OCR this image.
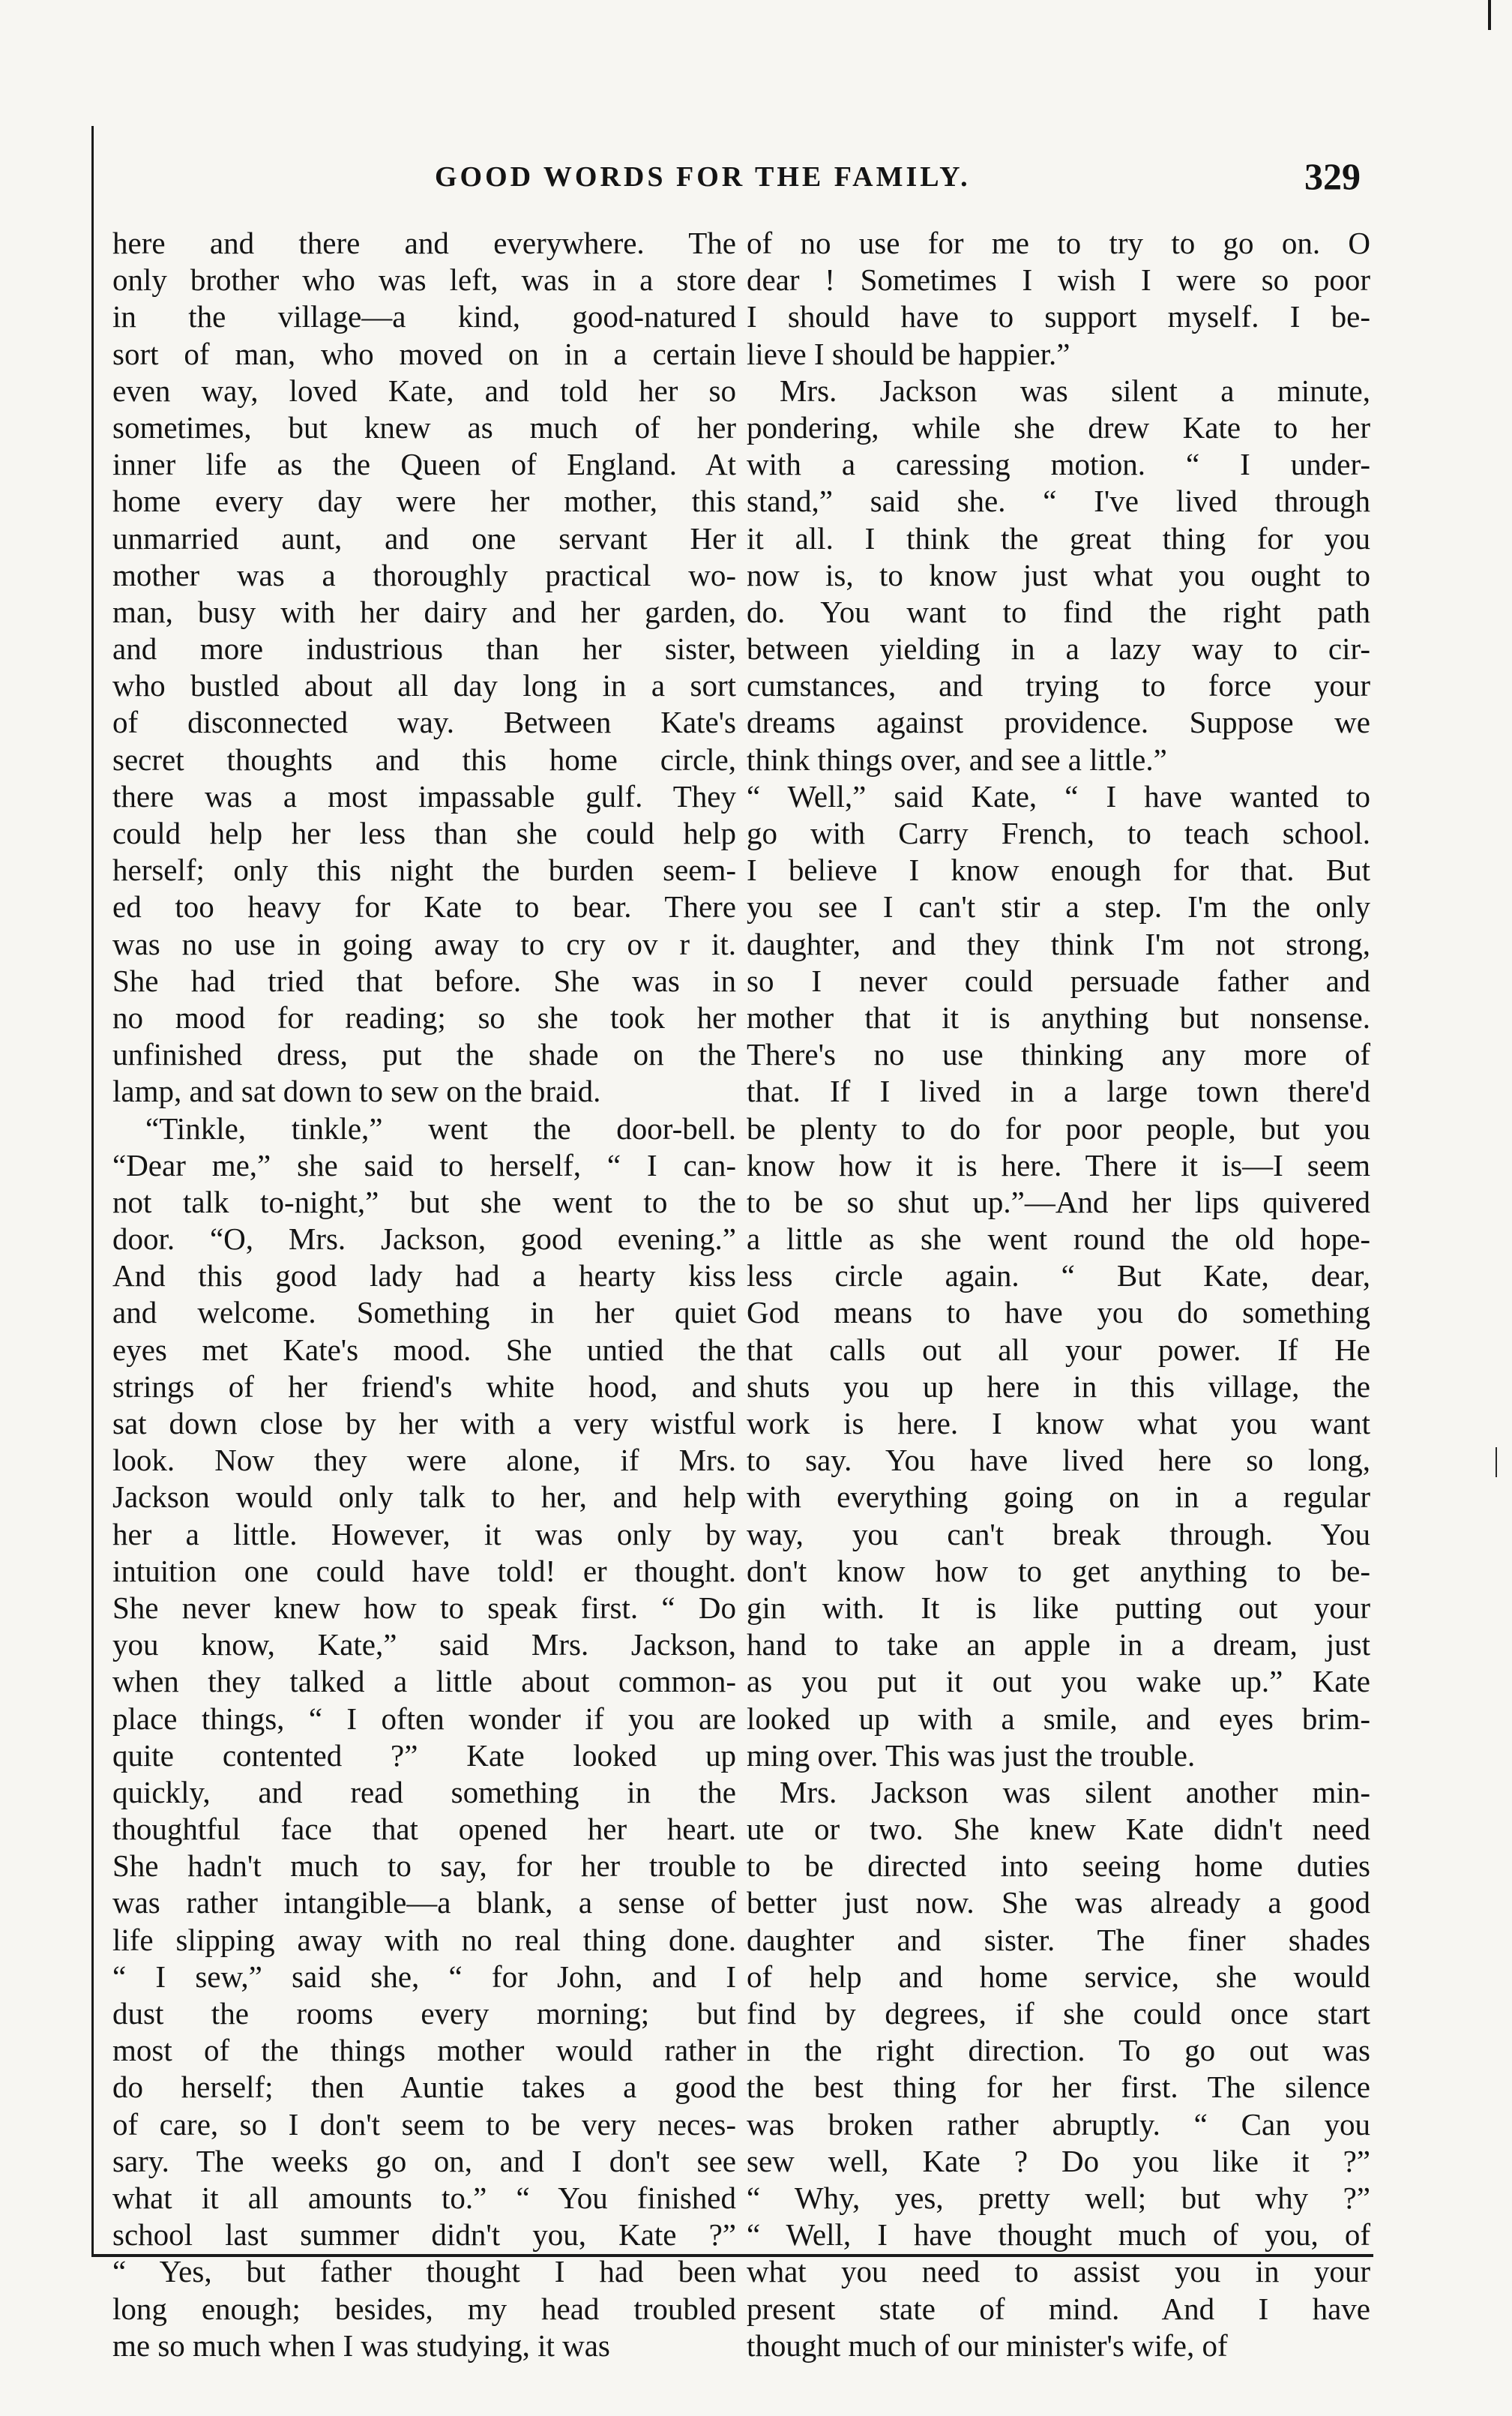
GOOD WORDS FOR THE FAMILY.	329
here and there and everywhere. The
only brother who was left, was in a store
in the village—a kind, good-natured
sort of man, who moved on in a certain
even way, loved Kate, and told her so
sometimes, but knew as much of her
inner life as the Queen of England. At
home every day were her mother, this
unmarried aunt, and one servant Her
mother was a thoroughly practical wo-
man, busy with her dairy and her garden,
and more industrious than her sister,
who bustled about all day long in a sort
of disconnected way. Between Kate's
secret thoughts and this home circle,
there was a most impassable gulf. They
could help her less than she could help
herself; only this night the burden seem-
ed too heavy for Kate to bear. There
was no use in going away to cry ov r it.
She had tried that before. She was in
no mood for reading; so she took her
unfinished dress, put the shade on the
lamp, and sat down to sew on the braid.
“Tinkle, tinkle,” went the door-bell.
“Dear me,” she said to herself, “ I can-
not talk to-night,” but she went to the
door. “O, Mrs. Jackson, good evening.”
And this good lady had a hearty kiss
and welcome. Something in her quiet
eyes met Kate's mood. She untied the
strings of her friend's white hood, and
sat down close by her with a very wistful
look. Now they were alone, if Mrs.
Jackson would only talk to her, and help
her a little. However, it was only by
intuition one could have told! er thought.
She never knew how to speak first. “ Do
you know, Kate,” said Mrs. Jackson,
when they talked a little about common-
place things, “ I often wonder if you are
quite contented ?” Kate looked up
quickly, and read something in the
thoughtful face that opened her heart.
She hadn't much to say, for her trouble
was rather intangible—a blank, a sense of
life slipping away with no real thing done.
“ I sew,” said she, “ for John, and I
dust the rooms every morning; but
most of the things mother would rather
do herself; then Auntie takes a good
of care, so I don't seem to be very neces-
sary. The weeks go on, and I don't see
what it all amounts to.” “ You finished
school last summer didn't you, Kate ?”
“ Yes, but father thought I had been
long enough; besides, my head troubled
me so much when I was studying, it was
of no use for me to try to go on. O
dear ! Sometimes I wish I were so poor
I should have to support myself. I be-
lieve I should be happier.”
Mrs. Jackson was silent a minute,
pondering, while she drew Kate to her
with a caressing motion. “ I under-
stand,” said she. “ I've lived through
it all. I think the great thing for you
now is, to know just what you ought to
do. You want to find the right path
between yielding in a lazy way to cir-
cumstances, and trying to force your
dreams against providence. Suppose we
think things over, and see a little.”
“ Well,” said Kate, “ I have wanted to
go with Carry French, to teach school.
I believe I know enough for that. But
you see I can't stir a step. I'm the only
daughter, and they think I'm not strong,
so I never could persuade father and
mother that it is anything but nonsense.
There's no use thinking any more of
that. If I lived in a large town there'd
be plenty to do for poor people, but you
know how it is here. There it is—I seem
to be so shut up.”—And her lips quivered
a little as she went round the old hope-
less circle again. “ But Kate, dear,
God means to have you do something
that calls out all your power. If He
shuts you up here in this village, the
work is here. I know what you want
to say. You have lived here so long,
with everything going on in a regular
way, you can't break through. You
don't know how to get anything to be-
gin with. It is like putting out your
hand to take an apple in a dream, just
as you put it out you wake up.” Kate
looked up with a smile, and eyes brim-
ming over. This was just the trouble.
Mrs. Jackson was silent another min-
ute or two. She knew Kate didn't need
to be directed into seeing home duties
better just now. She was already a good
daughter and sister. The finer shades
of help and home service, she would
find by degrees, if she could once start
in the right direction. To go out was
the best thing for her first. The silence
was broken rather abruptly. “ Can you
sew well, Kate ? Do you like it ?”
“ Why, yes, pretty well; but why ?”
“ Well, I have thought much of you, of
what you need to assist you in your
present state of mind. And I have
thought much of our minister's wife, of
